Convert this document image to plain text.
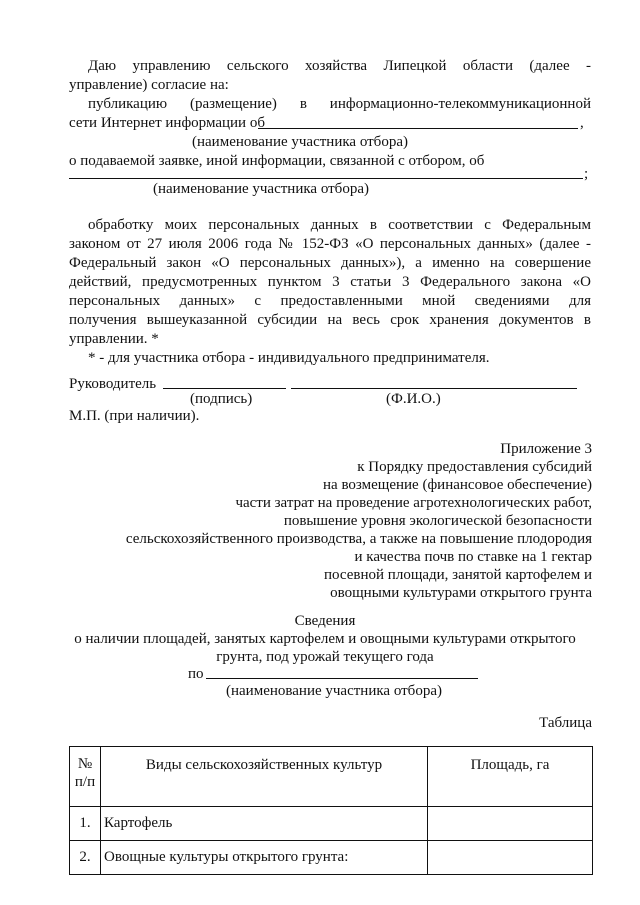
Даю управлению сельского хозяйства Липецкой области (далее -
управление) согласие на:
публикацию (размещение) в информационно-телекоммуникационной
сети Интернет информации об	,
(наименование участника отбора)
о подаваемой заявке, иной информации, связанной с отбором, об
;
(наименование участника отбора)
обработку моих персональных данных в соответствии с Федеральным
законом от 27 июля 2006 года № 152-ФЗ «О персональных данных» (далее -
Федеральный закон «О персональных данных»), а именно на совершение
действий, предусмотренных пунктом 3 статьи 3 Федерального закона «О
персональных данных» с предоставленными мной сведениями для
получения вышеуказанной субсидии на весь срок хранения документов в
управлении. *
* - для участника отбора - индивидуального предпринимателя.
Руководитель
(подпись)	(Ф.И.О.)
М.П. (при наличии).
Приложение 3
к Порядку предоставления субсидий
на возмещение (финансовое обеспечение)
части затрат на проведение агротехнологических работ,
повышение уровня экологической безопасности
сельскохозяйственного производства, а также на повышение плодородия
и качества почв по ставке на 1 гектар
посевной площади, занятой картофелем и
овощными культурами открытого грунта
Сведения
о наличии площадей, занятых картофелем и овощными культурами открытого
грунта, под урожай текущего года
по
(наименование участника отбора)
Таблица
№
п/п	Виды сельскохозяйственных культур	Площадь, га
1.	Картофель	
2.	Овощные культуры открытого грунта:	
